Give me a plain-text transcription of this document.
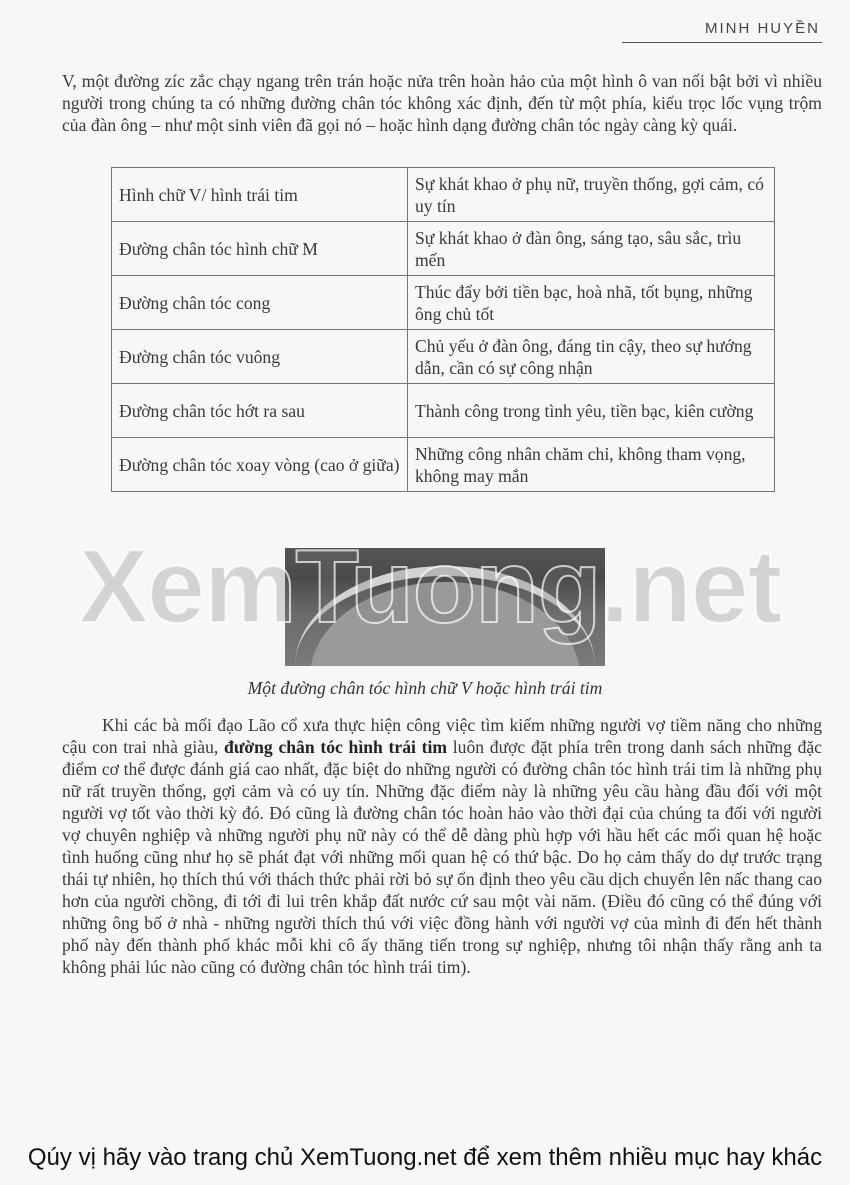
MINH HUYỀN
V, một đường zíc zắc chạy ngang trên trán hoặc nửa trên hoàn hảo của một hình ô van nổi bật bởi vì nhiều người trong chúng ta có những đường chân tóc không xác định, đến từ một phía, kiểu trọc lốc vụng trộm của đàn ông – như một sinh viên đã gọi nó – hoặc hình dạng đường chân tóc ngày càng kỳ quái.
Hình chữ V/ hình trái tim	Sự khát khao ở phụ nữ, truyền thống, gợi cảm, có uy tín
Đường chân tóc hình chữ M	Sự khát khao ở đàn ông, sáng tạo, sâu sắc, trìu mến
Đường chân tóc cong	Thúc đẩy bởi tiền bạc, hoà nhã, tốt bụng, những ông chủ tốt
Đường chân tóc vuông	Chủ yếu ở đàn ông, đáng tin cậy, theo sự hướng dẫn, cần có sự công nhận
Đường chân tóc hớt ra sau	Thành công trong tình yêu, tiền bạc, kiên cường
Đường chân tóc xoay vòng (cao ở giữa)	Những công nhân chăm chỉ, không tham vọng, không may mắn
XemTuong.net
Một đường chân tóc hình chữ V hoặc hình trái tim
Khi các bà mối đạo Lão cổ xưa thực hiện công việc tìm kiếm những người vợ tiềm năng cho những cậu con trai nhà giàu, đường chân tóc hình trái tim luôn được đặt phía trên trong danh sách những đặc điểm cơ thể được đánh giá cao nhất, đặc biệt do những người có đường chân tóc hình trái tim là những phụ nữ rất truyền thống, gợi cảm và có uy tín. Những đặc điểm này là những yêu cầu hàng đầu đối với một người vợ tốt vào thời kỳ đó. Đó cũng là đường chân tóc hoàn hảo vào thời đại của chúng ta đối với người vợ chuyên nghiệp và những người phụ nữ này có thể dễ dàng phù hợp với hầu hết các mối quan hệ hoặc tình huống cũng như họ sẽ phát đạt với những mối quan hệ có thứ bậc. Do họ cảm thấy do dự trước trạng thái tự nhiên, họ thích thú với thách thức phải rời bỏ sự ổn định theo yêu cầu dịch chuyển lên nấc thang cao hơn của người chồng, đi tới đi lui trên khắp đất nước cứ sau một vài năm. (Điều đó cũng có thể đúng với những ông bố ở nhà - những người thích thú với việc đồng hành với người vợ của mình đi đến hết thành phố này đến thành phố khác mỗi khi cô ấy thăng tiến trong sự nghiệp, nhưng tôi nhận thấy rằng anh ta không phải lúc nào cũng có đường chân tóc hình trái tim).
Qúy vị hãy vào trang chủ XemTuong.net để xem thêm nhiều mục hay khác
